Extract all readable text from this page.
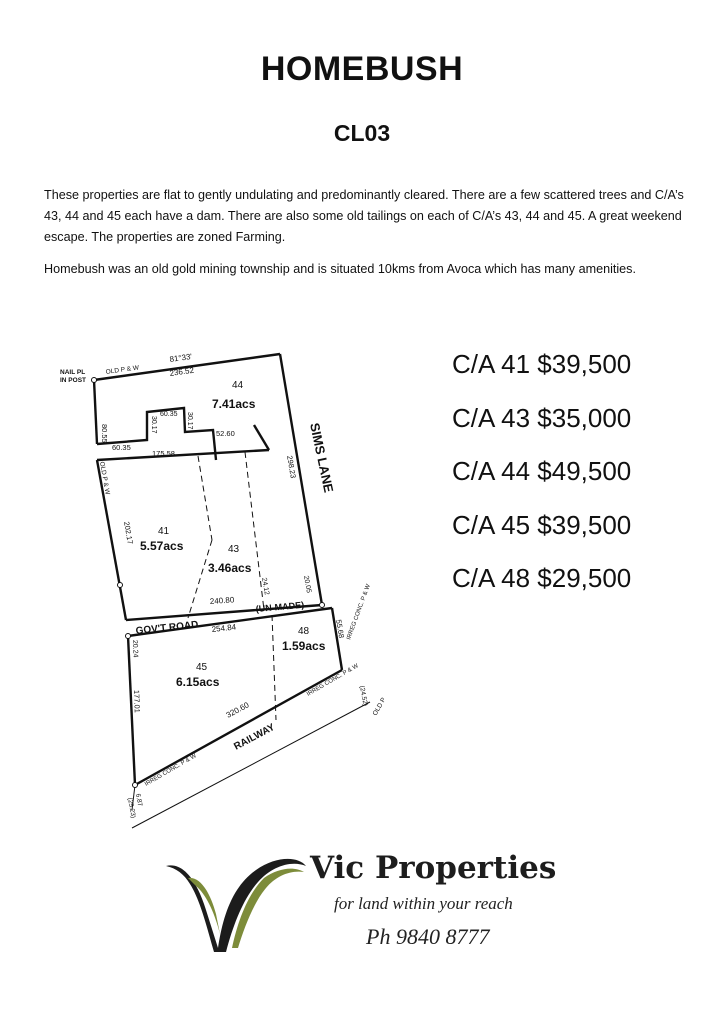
HOMEBUSH
CL03

These properties are flat to gently undulating and predominantly cleared. There are a few scattered trees and C/A’s 43, 44 and 45 each have a dam. There are also some old tailings on each of C/A’s 43, 44 and 45. A great weekend escape. The properties are zoned Farming.

Homebush was an old gold mining township and is situated 10kms from Avoca which has many amenities.

NAIL PL
IN POST
OLD P & W
81°33'
236.52
80.55
60.35
30.17	30.17
60.35
52.60
175.58
298.23 SIMS LANE
OLD P & W
202.17
20.05
24.12
240.80 (UN-MADE)
GOV'T ROAD 254.84
20.24
55.68
177.01	320.60
RAILWAY
IRREG CONC. P & W
IRREG CONC. P & W
IRREG CONC. P & W
OLD P
(24.52)
6.87
(25.23)
44
7.41acs
41
5.57acs	43
3.46acs
48
1.59acs
45
6.15acs
C/A 41 $39,500
C/A 43 $35,000
C/A 44 $49,500
C/A 45 $39,500
C/A 48 $29,500
Vic Properties
for land within your reach
Ph 9840 8777
